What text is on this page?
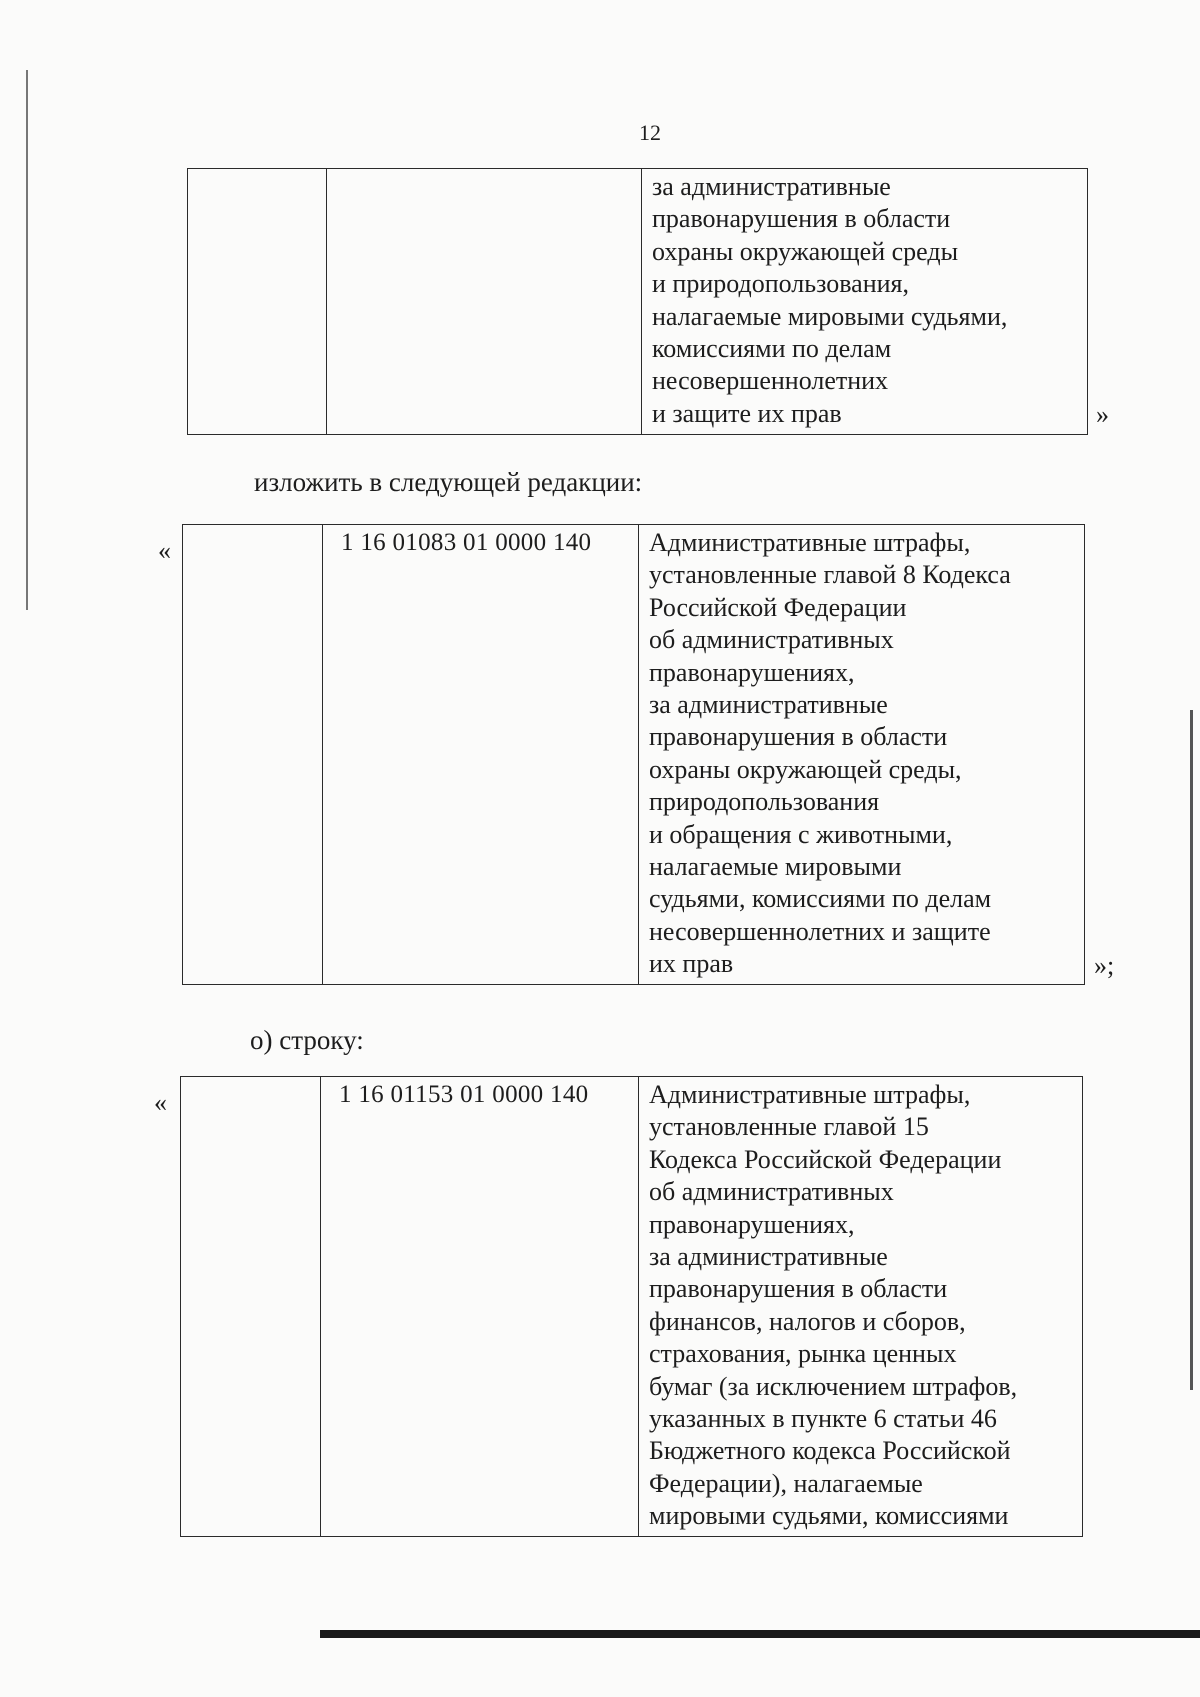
12

за административные
правонарушения в области
охраны окружающей среды
и природопользования,
налагаемые мировыми судьями,
комиссиями по делам
несовершеннолетних
и защите их прав	»
изложить в следующей редакции:
«
		1 16 01083 01 0000 140	Административные штрафы,
установленные главой 8 Кодекса
Российской Федерации
об административных
правонарушениях,
за административные
правонарушения в области
охраны окружающей среды,
природопользования
и обращения с животными,
налагаемые мировыми
судьями, комиссиями по делам
несовершеннолетних и защите
их прав	»;
о) строку:
«
		1 16 01153 01 0000 140	Административные штрафы,
установленные главой 15
Кодекса Российской Федерации
об административных
правонарушениях,
за административные
правонарушения в области
финансов, налогов и сборов,
страхования, рынка ценных
бумаг (за исключением штрафов,
указанных в пункте 6 статьи 46
Бюджетного кодекса Российской
Федерации), налагаемые
мировыми судьями, комиссиями
